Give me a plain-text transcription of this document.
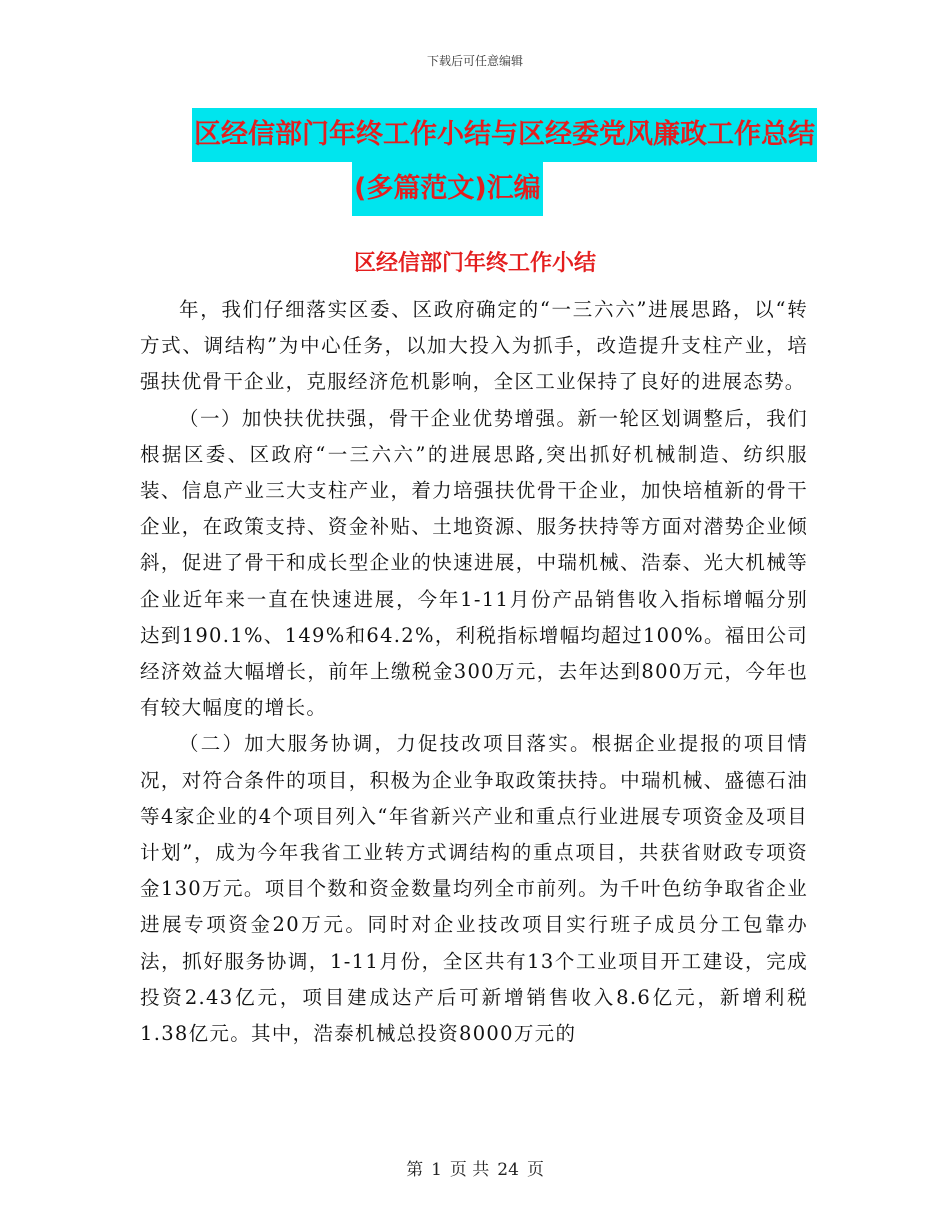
下载后可任意编辑
区经信部门年终工作小结与区经委党风廉政工作总结
(多篇范文)汇编
区经信部门年终工作小结

年，我们仔细落实区委、区政府确定的“一三六六”进展思路，以“转方式、调结构”为中心任务，以加大投入为抓手，改造提升支柱产业，培强扶优骨干企业，克服经济危机影响，全区工业保持了良好的进展态势。

（一）加快扶优扶强，骨干企业优势增强。新一轮区划调整后，我们根据区委、区政府“一三六六”的进展思路,突出抓好机械制造、纺织服装、信息产业三大支柱产业，着力培强扶优骨干企业，加快培植新的骨干企业，在政策支持、资金补贴、土地资源、服务扶持等方面对潜势企业倾斜，促进了骨干和成长型企业的快速进展，中瑞机械、浩泰、光大机械等企业近年来一直在快速进展，今年1-11月份产品销售收入指标增幅分别达到190.1%、149%和64.2%，利税指标增幅均超过100%。福田公司经济效益大幅增长，前年上缴税金300万元，去年达到800万元，今年也有较大幅度的增长。

（二）加大服务协调，力促技改项目落实。根据企业提报的项目情况，对符合条件的项目，积极为企业争取政策扶持。中瑞机械、盛德石油等4家企业的4个项目列入“年省新兴产业和重点行业进展专项资金及项目计划”，成为今年我省工业转方式调结构的重点项目，共获省财政专项资金130万元。项目个数和资金数量均列全市前列。为千叶色纺争取省企业进展专项资金20万元。同时对企业技改项目实行班子成员分工包靠办法，抓好服务协调，1-11月份，全区共有13个工业项目开工建设，完成投资2.43亿元，项目建成达产后可新增销售收入8.6亿元，新增利税1.38亿元。其中，浩泰机械总投资8000万元的

第 1 页 共 24 页
